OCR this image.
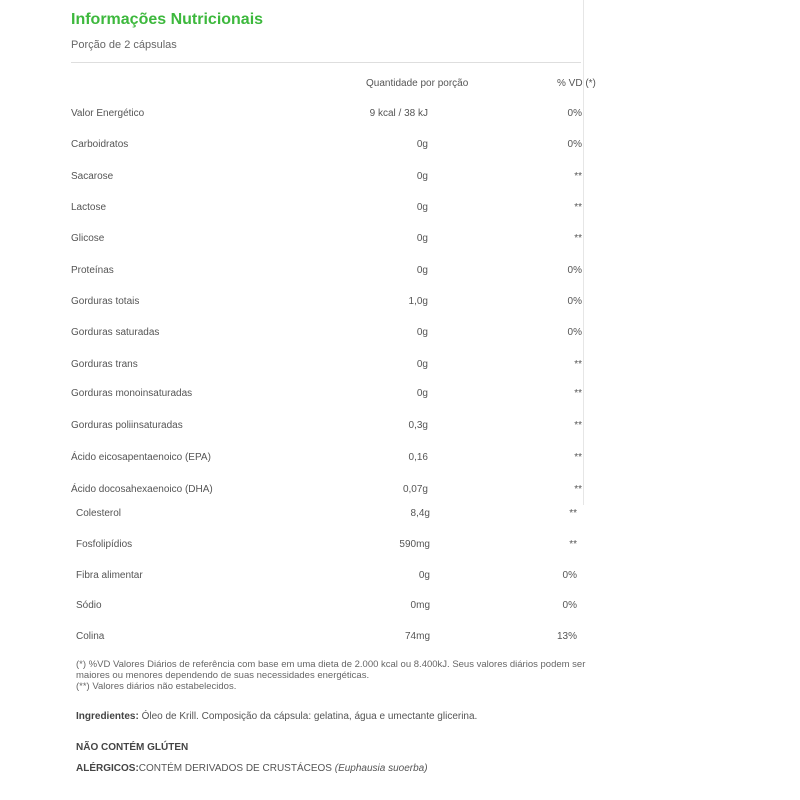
Informações Nutricionais
Porção de 2 cápsulas
Quantidade por porção	% VD (*)
Valor Energético	9 kcal / 38 kJ	0%
Carboidratos	0g	0%
Sacarose	0g	**
Lactose	0g	**
Glicose	0g	**
Proteínas	0g	0%
Gorduras totais	1,0g	0%
Gorduras saturadas	0g	0%
Gorduras trans	0g	**
Gorduras monoinsaturadas	0g	**
Gorduras poliinsaturadas	0,3g	**
Ácido eicosapentaenoico (EPA)	0,16	**
Ácido docosahexaenoico (DHA)	0,07g	**
Colesterol	8,4g	**
Fosfolipídios	590mg	**
Fibra alimentar	0g	0%
Sódio	0mg	0%
Colina	74mg	13%
(*) %VD Valores Diários de referência com base em uma dieta de 2.000 kcal ou 8.400kJ. Seus valores diários podem ser
maiores ou menores dependendo de suas necessidades energéticas.
(**) Valores diários não estabelecidos.
Ingredientes: Óleo de Krill. Composição da cápsula: gelatina, água e umectante glicerina.
NÃO CONTÉM GLÚTEN
ALÉRGICOS:CONTÉM DERIVADOS DE CRUSTÁCEOS (Euphausia suoerba)
